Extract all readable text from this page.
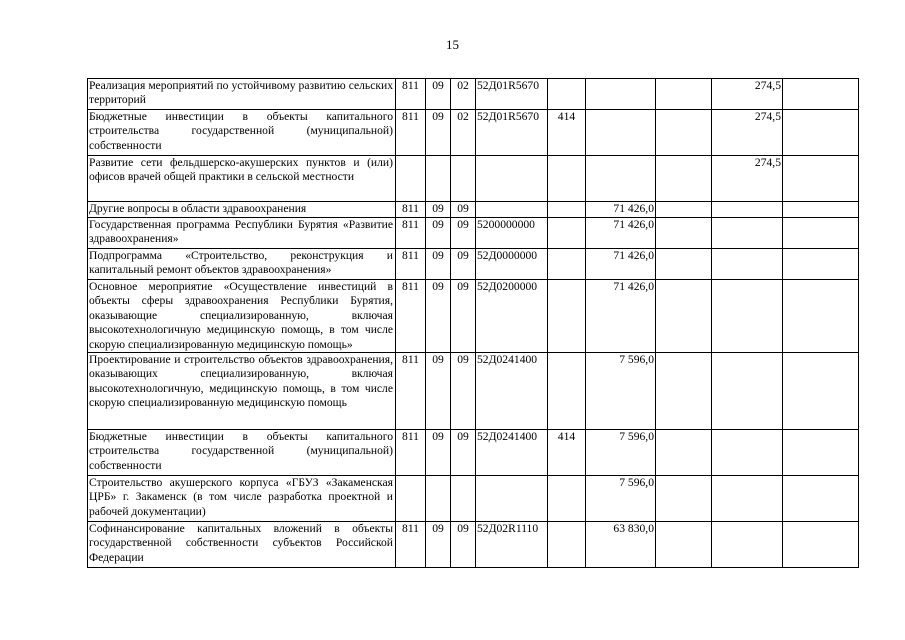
15
Реализация мероприятий по устойчивому развитию сельских территорий	811	09	02	52Д01R5670				274,5	
Бюджетные инвестиции в объекты капитального строительства государственной (муниципальной) собственности	811	09	02	52Д01R5670	414			274,5	
Развитие сети фельдшерско-акушерских пунктов и (или) офисов врачей общей практики в сельской местности								274,5	
Другие вопросы в области здравоохранения	811	09	09			71 426,0			
Государственная программа Республики Бурятия «Развитие здравоохранения»	811	09	09	5200000000		71 426,0			
Подпрограмма «Строительство, реконструкция и капитальный ремонт объектов здравоохранения»	811	09	09	52Д0000000		71 426,0			
Основное мероприятие «Осуществление инвестиций в объекты сферы здравоохранения Республики Бурятия, оказывающие специализированную, включая высокотехнологичную медицинскую помощь, в том числе скорую специализированную медицинскую помощь»	811	09	09	52Д0200000		71 426,0			
Проектирование и строительство объектов здравоохранения, оказывающих специализированную, включая высокотехнологичную, медицинскую помощь, в том числе скорую специализированную медицинскую помощь	811	09	09	52Д0241400		7 596,0			
Бюджетные инвестиции в объекты капитального строительства государственной (муниципальной) собственности	811	09	09	52Д0241400	414	7 596,0			
Строительство акушерского корпуса «ГБУЗ «Закаменская ЦРБ» г. Закаменск (в том числе разработка проектной и рабочей документации)						7 596,0			
Софинансирование капитальных вложений в объекты государственной собственности субъектов Российской Федерации	811	09	09	52Д02R1110		63 830,0			
